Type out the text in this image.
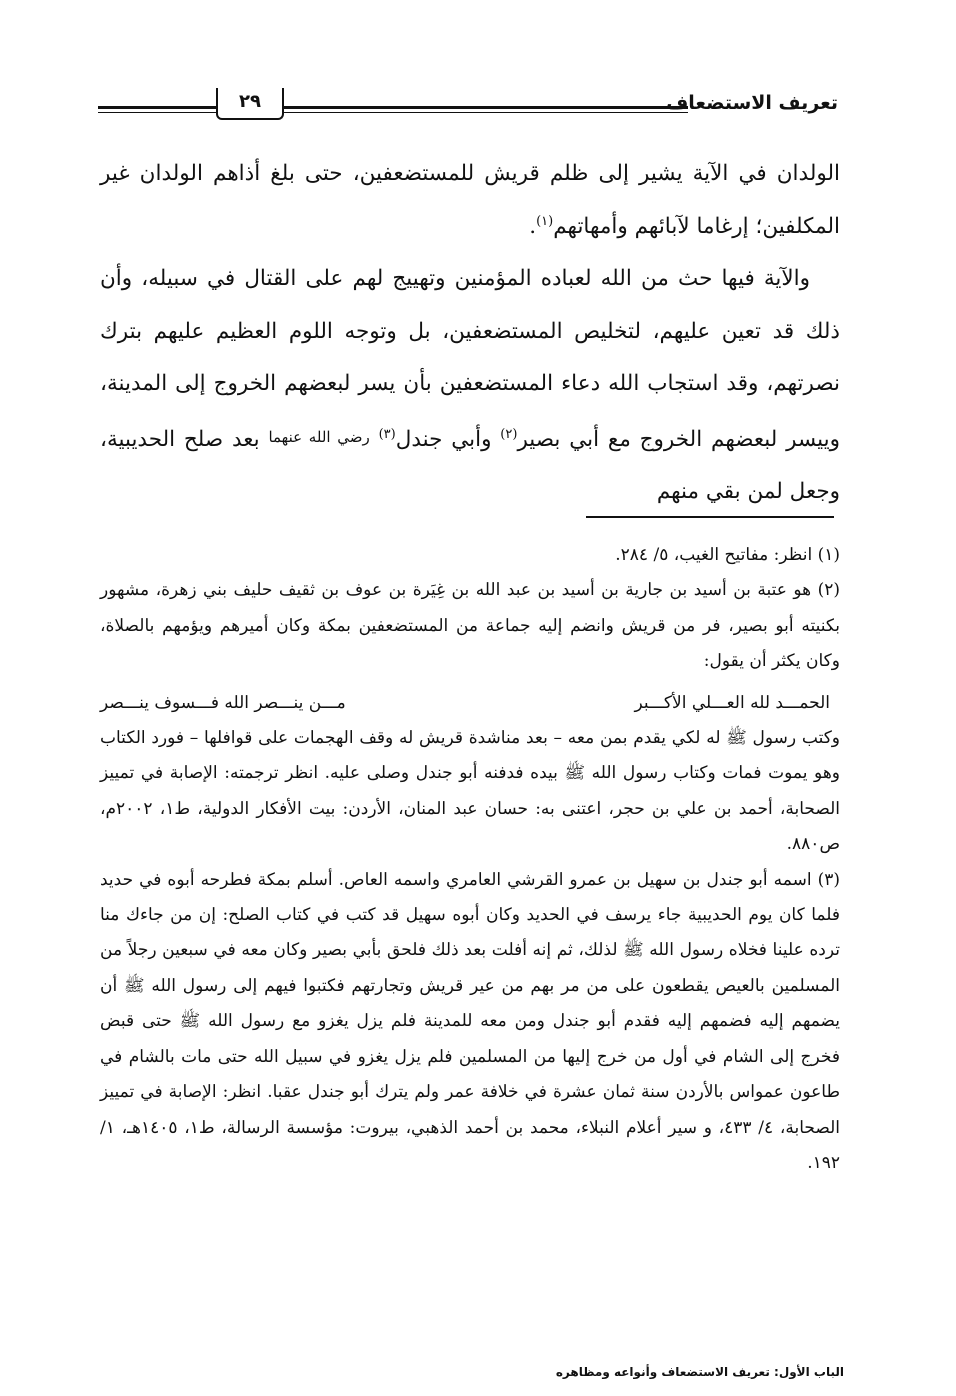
تعريف الاستضعاف
٢٩

الولدان في الآية يشير إلى ظلم قريش للمستضعفين، حتى بلغ أذاهم الولدان غير المكلفين؛ إرغاما لآبائهم وأمهاتهم$^{(١)}$.

والآية فيها حث من الله لعباده المؤمنين وتهييج لهم على القتال في سبيله، وأن ذلك قد تعين عليهم، لتخليص المستضعفين، بل وتوجه اللوم العظيم عليهم بترك نصرتهم، وقد استجاب الله دعاء المستضعفين بأن يسر لبعضهم الخروج إلى المدينة، وييسر لبعضهم الخروج مع أبي بصير$^{(٢)}$ وأبي جندل$^{(٣)}$ رضي الله عنهما بعد صلح الحديبية، وجعل لمن بقي منهم

(١) انظر: مفاتيح الغيب، ٥/ ٢٨٤.

(٢) هو عتبة بن أسيد بن جارية بن أسيد بن عبد الله بن غِيَرة بن عوف بن ثقيف حليف بني زهرة، مشهور بكنيته أبو بصير، فر من قريش وانضم إليه جماعة من المستضعفين بمكة وكان أميرهم ويؤمهم بالصلاة، وكان يكثر أن يقول:

الحمـــد لله العـــلي الأكـــبر
مـــن ينـــصر الله فـــسوف ينـــصر

وكتب رسول ﷺ له لكي يقدم بمن معه – بعد مناشدة قريش له وقف الهجمات على قوافلها – فورد الكتاب وهو يموت فمات وكتاب رسول الله ﷺ بيده فدفنه أبو جندل وصلى عليه. انظر ترجمته: الإصابة في تمييز الصحابة، أحمد بن علي بن حجر، اعتنى به: حسان عبد المنان، الأردن: بيت الأفكار الدولية، ط١، ٢٠٠٢م، ص٨٨٠.

(٣) اسمه أبو جندل بن سهيل بن عمرو القرشي العامري واسمه العاص. أسلم بمكة فطرحه أبوه في حديد فلما كان يوم الحديبية جاء يرسف في الحديد وكان أبوه سهيل قد كتب في كتاب الصلح: إن من جاءك منا ترده علينا فخلاه رسول الله ﷺ لذلك، ثم إنه أفلت بعد ذلك فلحق بأبي بصير وكان معه في سبعين رجلاً من المسلمين بالعيص يقطعون على من مر بهم من عير قريش وتجارتهم فكتبوا فيهم إلى رسول الله ﷺ أن يضمهم إليه فضمهم إليه فقدم أبو جندل ومن معه للمدينة فلم يزل يغزو مع رسول الله ﷺ حتى قبض فخرج إلى الشام في أول من خرج إليها من المسلمين فلم يزل يغزو في سبيل الله حتى مات بالشام في طاعون عمواس بالأردن سنة ثمان عشرة في خلافة عمر ولم يترك أبو جندل عقبا. انظر: الإصابة في تمييز الصحابة، ٤/ ٤٣٣، و سير أعلام النبلاء، محمد بن أحمد الذهبي، بيروت: مؤسسة الرسالة، ط١، ١٤٠٥هـ، ١/ ١٩٢.

الباب الأول: تعريف الاستضعاف وأنواعه ومظاهره
